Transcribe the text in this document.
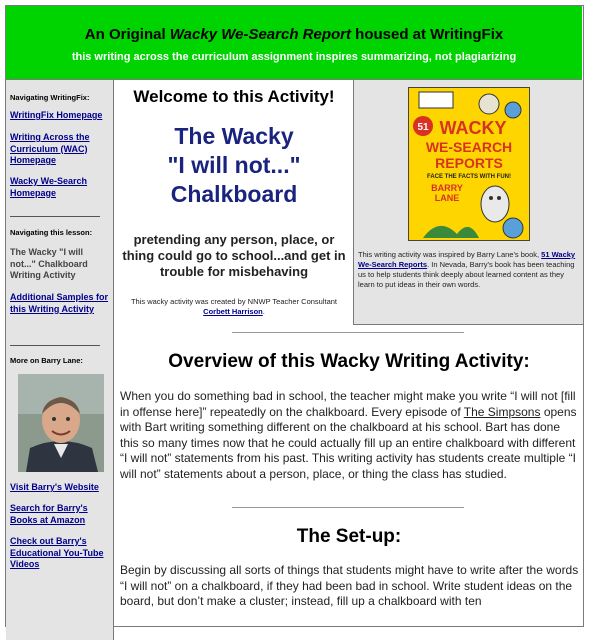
An Original Wacky We-Search Report housed at WritingFix
this writing across the curriculum assignment inspires summarizing, not plagiarizing
Navigating WritingFix:
WritingFix Homepage
Writing Across the Curriculum (WAC) Homepage
Wacky We-Search Homepage
Navigating this lesson:
The Wacky "I will not..." Chalkboard Writing Activity
Additional Samples for this Writing Activity
More on Barry Lane:
Visit Barry's Website
Search for Barry's Books at Amazon
Check out Barry's Educational You-Tube Videos
Welcome to this Activity!
The Wacky
"I will not..."
Chalkboard
pretending any person, place, or thing could go to school...and get in trouble for misbehaving
This wacky activity was created by NNWP Teacher Consultant
Corbett Harrison.
51 WACKY
WE-SEARCH
REPORTS
FACE THE FACTS WITH FUN!
BARRY
LANE
This writing activity was inspired by Barry Lane's book, 51 Wacky We-Search Reports. In Nevada, Barry's book has been teaching us to help students think deeply about learned content as they learn to put ideas in their own words.
Overview of this Wacky Writing Activity:
When you do something bad in school, the teacher might make you write “I will not [fill in offense here]” repeatedly on the chalkboard. Every episode of The Simpsons opens with Bart writing something different on the chalkboard at his school. Bart has done this so many times now that he could actually fill up an entire chalkboard with different “I will not” statements from his past. This writing activity has students create multiple “I will not” statements about a person, place, or thing the class has studied.
The Set-up:
Begin by discussing all sorts of things that students might have to write after the words “I will not” on a chalkboard, if they had been bad in school. Write student ideas on the board, but don’t make a cluster; instead, fill up a chalkboard with ten
